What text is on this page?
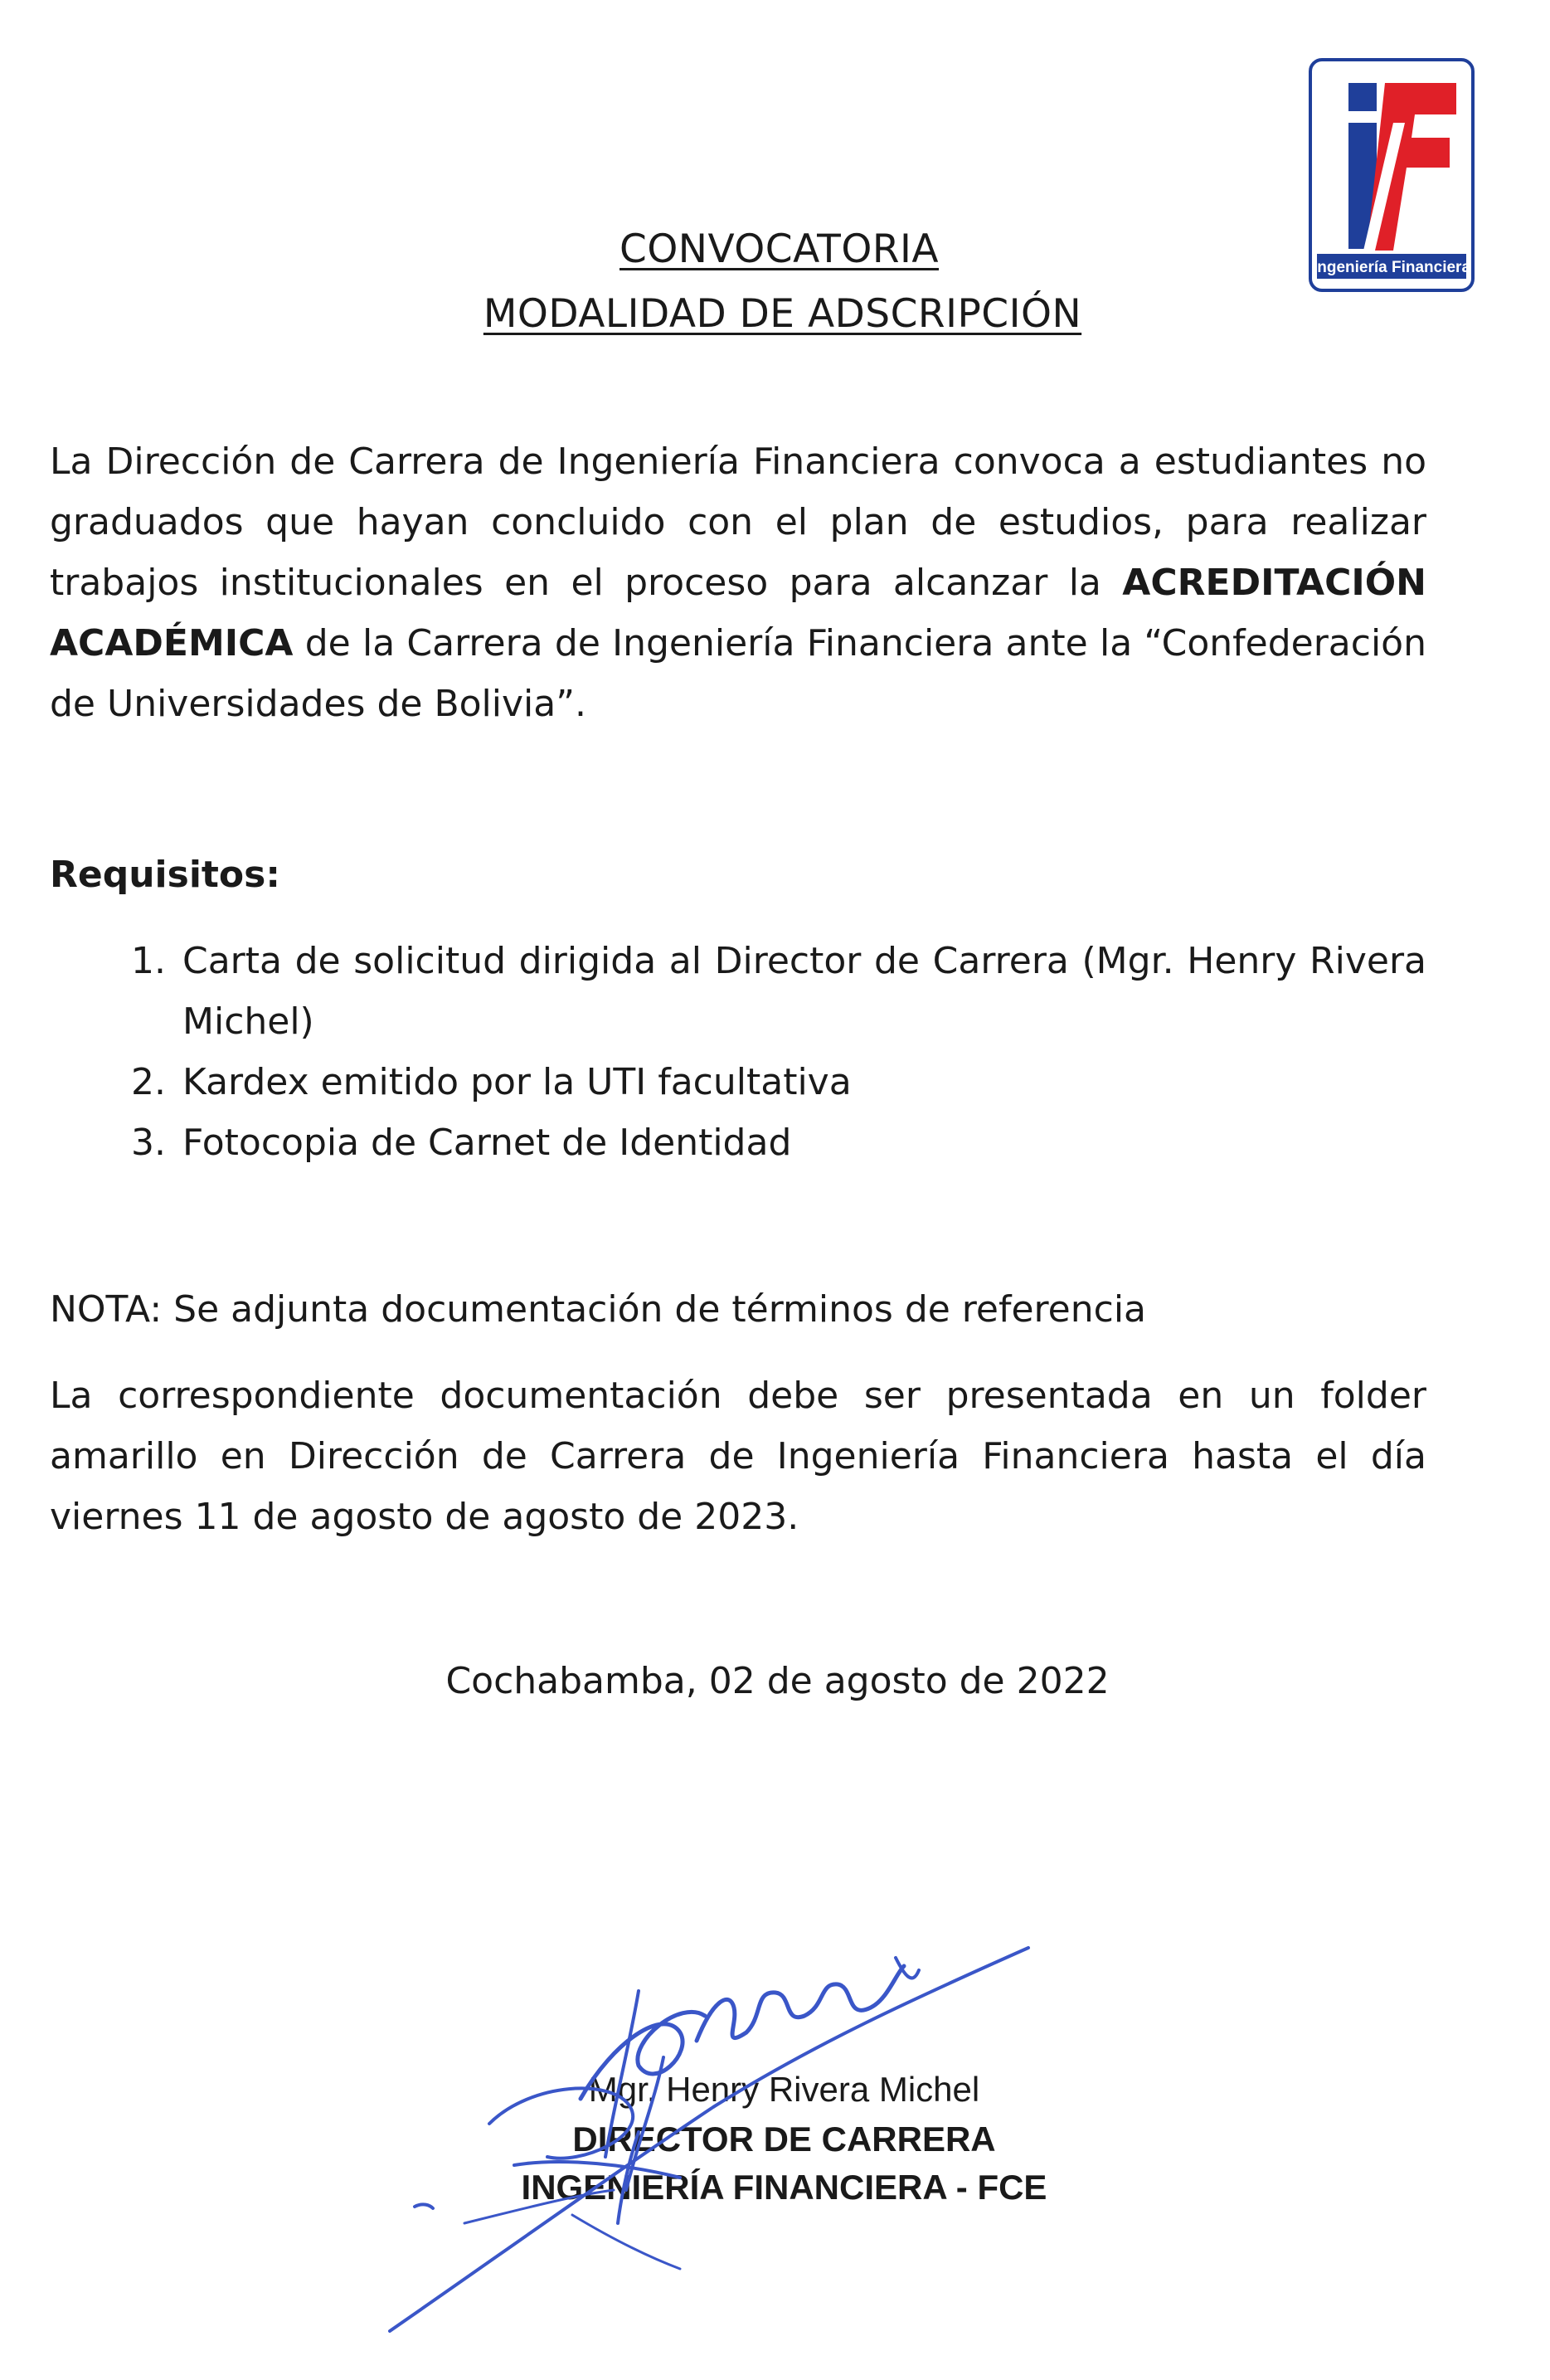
Ingeniería Financiera
CONVOCATORIA
MODALIDAD DE ADSCRIPCIÓN
La Dirección de Carrera de Ingeniería Financiera convoca a estudiantes no graduados que hayan concluido con el plan de estudios, para realizar trabajos institucionales en el proceso para alcanzar la ACREDITACIÓN ACADÉMICA de la Carrera de Ingeniería Financiera ante la “Confederación de Universidades de Bolivia”.
Requisitos:
1. Carta de solicitud dirigida al Director de Carrera (Mgr. Henry Rivera Michel)
2. Kardex emitido por la UTI facultativa
3. Fotocopia de Carnet de Identidad
NOTA: Se adjunta documentación de términos de referencia
La correspondiente documentación debe ser presentada en un folder amarillo en Dirección de Carrera de Ingeniería Financiera hasta el día viernes 11 de agosto de agosto de 2023.
Cochabamba, 02 de agosto de 2022
Mgr. Henry Rivera Michel
DIRECTOR DE CARRERA
INGENIERÍA FINANCIERA - FCE
